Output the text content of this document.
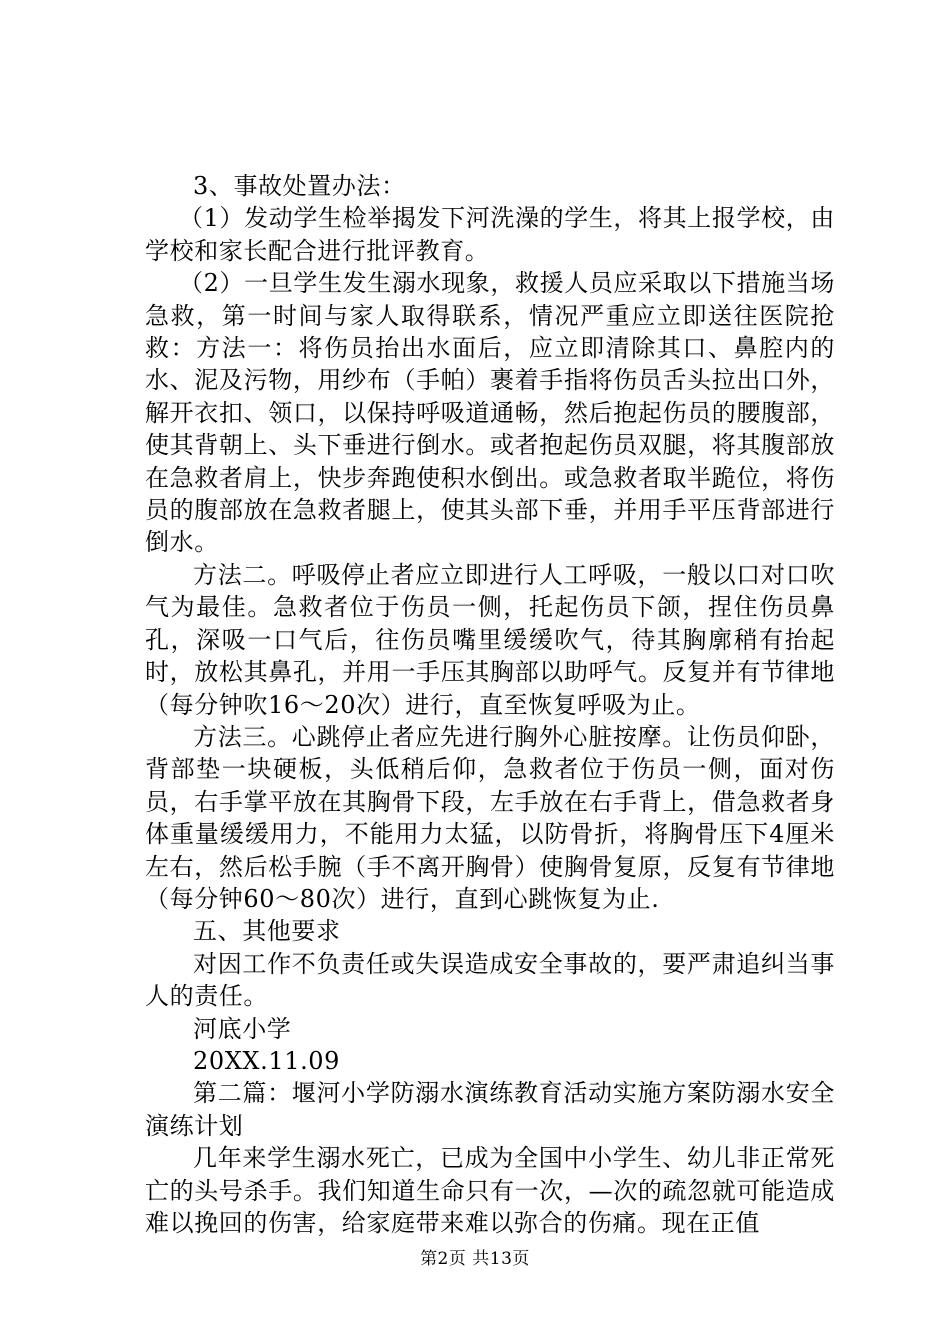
3、事故处置办法：

（1）发动学生检举揭发下河洗澡的学生，将其上报学校，由学校和家长配合进行批评教育。

（2）一旦学生发生溺水现象，救援人员应采取以下措施当场急救，第一时间与家人取得联系，情况严重应立即送往医院抢救：方法一：将伤员抬出水面后，应立即清除其口、鼻腔内的水、泥及污物，用纱布（手帕）裹着手指将伤员舌头拉出口外，解开衣扣、领口，以保持呼吸道通畅，然后抱起伤员的腰腹部，使其背朝上、头下垂进行倒水。或者抱起伤员双腿，将其腹部放在急救者肩上，快步奔跑使积水倒出。或急救者取半跪位，将伤员的腹部放在急救者腿上，使其头部下垂，并用手平压背部进行倒水。

方法二。呼吸停止者应立即进行人工呼吸，一般以口对口吹气为最佳。急救者位于伤员一侧，托起伤员下颌，捏住伤员鼻孔，深吸一口气后，往伤员嘴里缓缓吹气，待其胸廓稍有抬起时，放松其鼻孔，并用一手压其胸部以助呼气。反复并有节律地（每分钟吹16～20次）进行，直至恢复呼吸为止。

方法三。心跳停止者应先进行胸外心脏按摩。让伤员仰卧，背部垫一块硬板，头低稍后仰，急救者位于伤员一侧，面对伤员，右手掌平放在其胸骨下段，左手放在右手背上，借急救者身体重量缓缓用力，不能用力太猛，以防骨折，将胸骨压下4厘米左右，然后松手腕（手不离开胸骨）使胸骨复原，反复有节律地（每分钟60～80次）进行，直到心跳恢复为止.

五、其他要求

对因工作不负责任或失误造成安全事故的，要严肃追纠当事人的责任。

河底小学

20XX.11.09

第二篇：堰河小学防溺水演练教育活动实施方案防溺水安全演练计划

几年来学生溺水死亡，已成为全国中小学生、幼儿非正常死亡的头号杀手。我们知道生命只有一次，—次的疏忽就可能造成难以挽回的伤害，给家庭带来难以弥合的伤痛。现在正值

第2页 共13页
